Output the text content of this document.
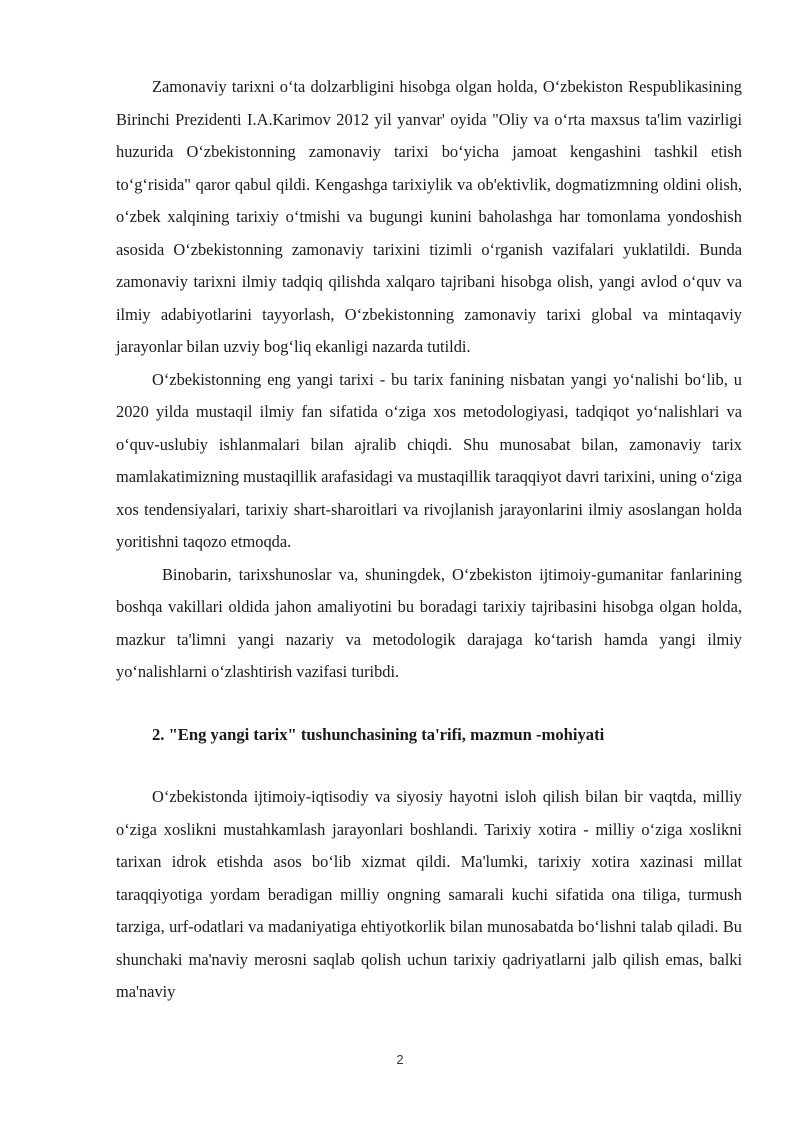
Zamonaviy tarixni o‘ta dolzarbligini hisobga olgan holda, O‘zbekiston Respublikasining Birinchi Prezidenti I.A.Karimov 2012 yil yanvar' oyida "Oliy va o‘rta maxsus ta'lim vazirligi huzurida O‘zbekistonning zamonaviy tarixi bo‘yicha jamoat kengashini tashkil etish to‘g‘risida" qaror qabul qildi. Kengashga tarixiylik va ob'ektivlik, dogmatizmning oldini olish, o‘zbek xalqining tarixiy o‘tmishi va bugungi kunini baholashga har tomonlama yondoshish asosida O‘zbekistonning zamonaviy tarixini tizimli o‘rganish vazifalari yuklatildi. Bunda zamonaviy tarixni ilmiy tadqiq qilishda xalqaro tajribani hisobga olish, yangi avlod o‘quv va ilmiy adabiyotlarini tayyorlash, O‘zbekistonning zamonaviy tarixi global va mintaqaviy jarayonlar bilan uzviy bog‘liq ekanligi nazarda tutildi.

O‘zbekistonning eng yangi tarixi - bu tarix fanining nisbatan yangi yo‘nalishi bo‘lib, u 2020 yilda mustaqil ilmiy fan sifatida o‘ziga xos metodologiyasi, tadqiqot yo‘nalishlari va o‘quv-uslubiy ishlanmalari bilan ajralib chiqdi. Shu munosabat bilan, zamonaviy tarix mamlakatimizning mustaqillik arafasidagi va mustaqillik taraqqiyot davri tarixini, uning o‘ziga xos tendensiyalari, tarixiy shart-sharoitlari va rivojlanish jarayonlarini ilmiy asoslangan holda yoritishni taqozo etmoqda.

Binobarin, tarixshunoslar va, shuningdek, O‘zbekiston ijtimoiy-gumanitar fanlarining boshqa vakillari oldida jahon amaliyotini bu boradagi tarixiy tajribasini hisobga olgan holda, mazkur ta'limni yangi nazariy va metodologik darajaga ko‘tarish hamda yangi ilmiy yo‘nalishlarni o‘zlashtirish vazifasi turibdi.

2. "Eng yangi tarix" tushunchasining ta'rifi, mazmun -mohiyati

O‘zbekistonda ijtimoiy-iqtisodiy va siyosiy hayotni isloh qilish bilan bir vaqtda, milliy o‘ziga xoslikni mustahkamlash jarayonlari boshlandi. Tarixiy xotira - milliy o‘ziga xoslikni tarixan idrok etishda asos bo‘lib xizmat qildi. Ma'lumki, tarixiy xotira xazinasi millat taraqqiyotiga yordam beradigan milliy ongning samarali kuchi sifatida ona tiliga, turmush tarziga, urf-odatlari va madaniyatiga ehtiyotkorlik bilan munosabatda bo‘lishni talab qiladi. Bu shunchaki ma'naviy merosni saqlab qolish uchun tarixiy qadriyatlarni jalb qilish emas, balki ma'naviy

2
